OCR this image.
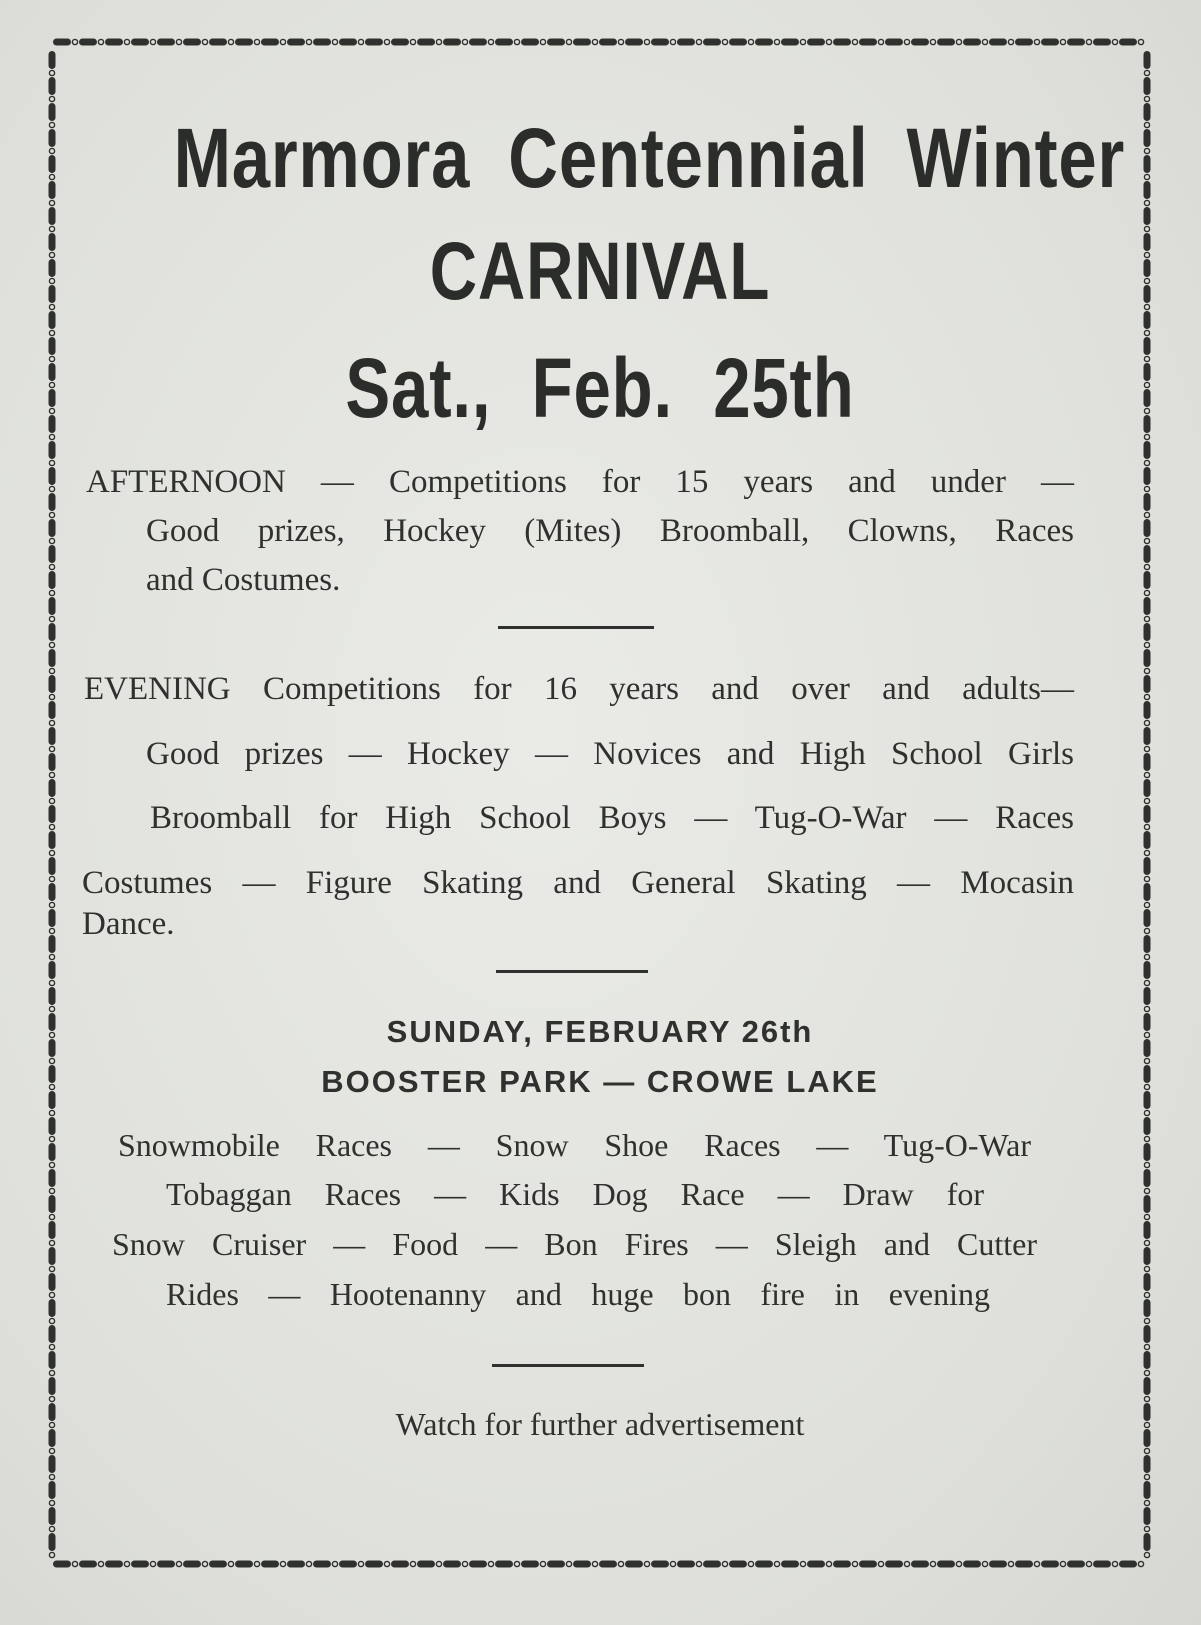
Marmora Centennial Winter
CARNIVAL
Sat., Feb. 25th
AFTERNOON — Competitions for 15 years and under —
Good prizes, Hockey (Mites) Broomball, Clowns, Races
and Costumes.
EVENING Competitions for 16 years and over and adults—
Good prizes — Hockey — Novices and High School Girls
Broomball for High School Boys — Tug-O-War — Races
Costumes — Figure Skating and General Skating — Mocasin
Dance.
SUNDAY, FEBRUARY 26th
BOOSTER PARK — CROWE LAKE
Snowmobile Races — Snow Shoe Races — Tug-O-War
Tobaggan Races — Kids Dog Race — Draw for
Snow Cruiser — Food — Bon Fires — Sleigh and Cutter
Rides — Hootenanny and huge bon fire in evening
Watch for further advertisement
